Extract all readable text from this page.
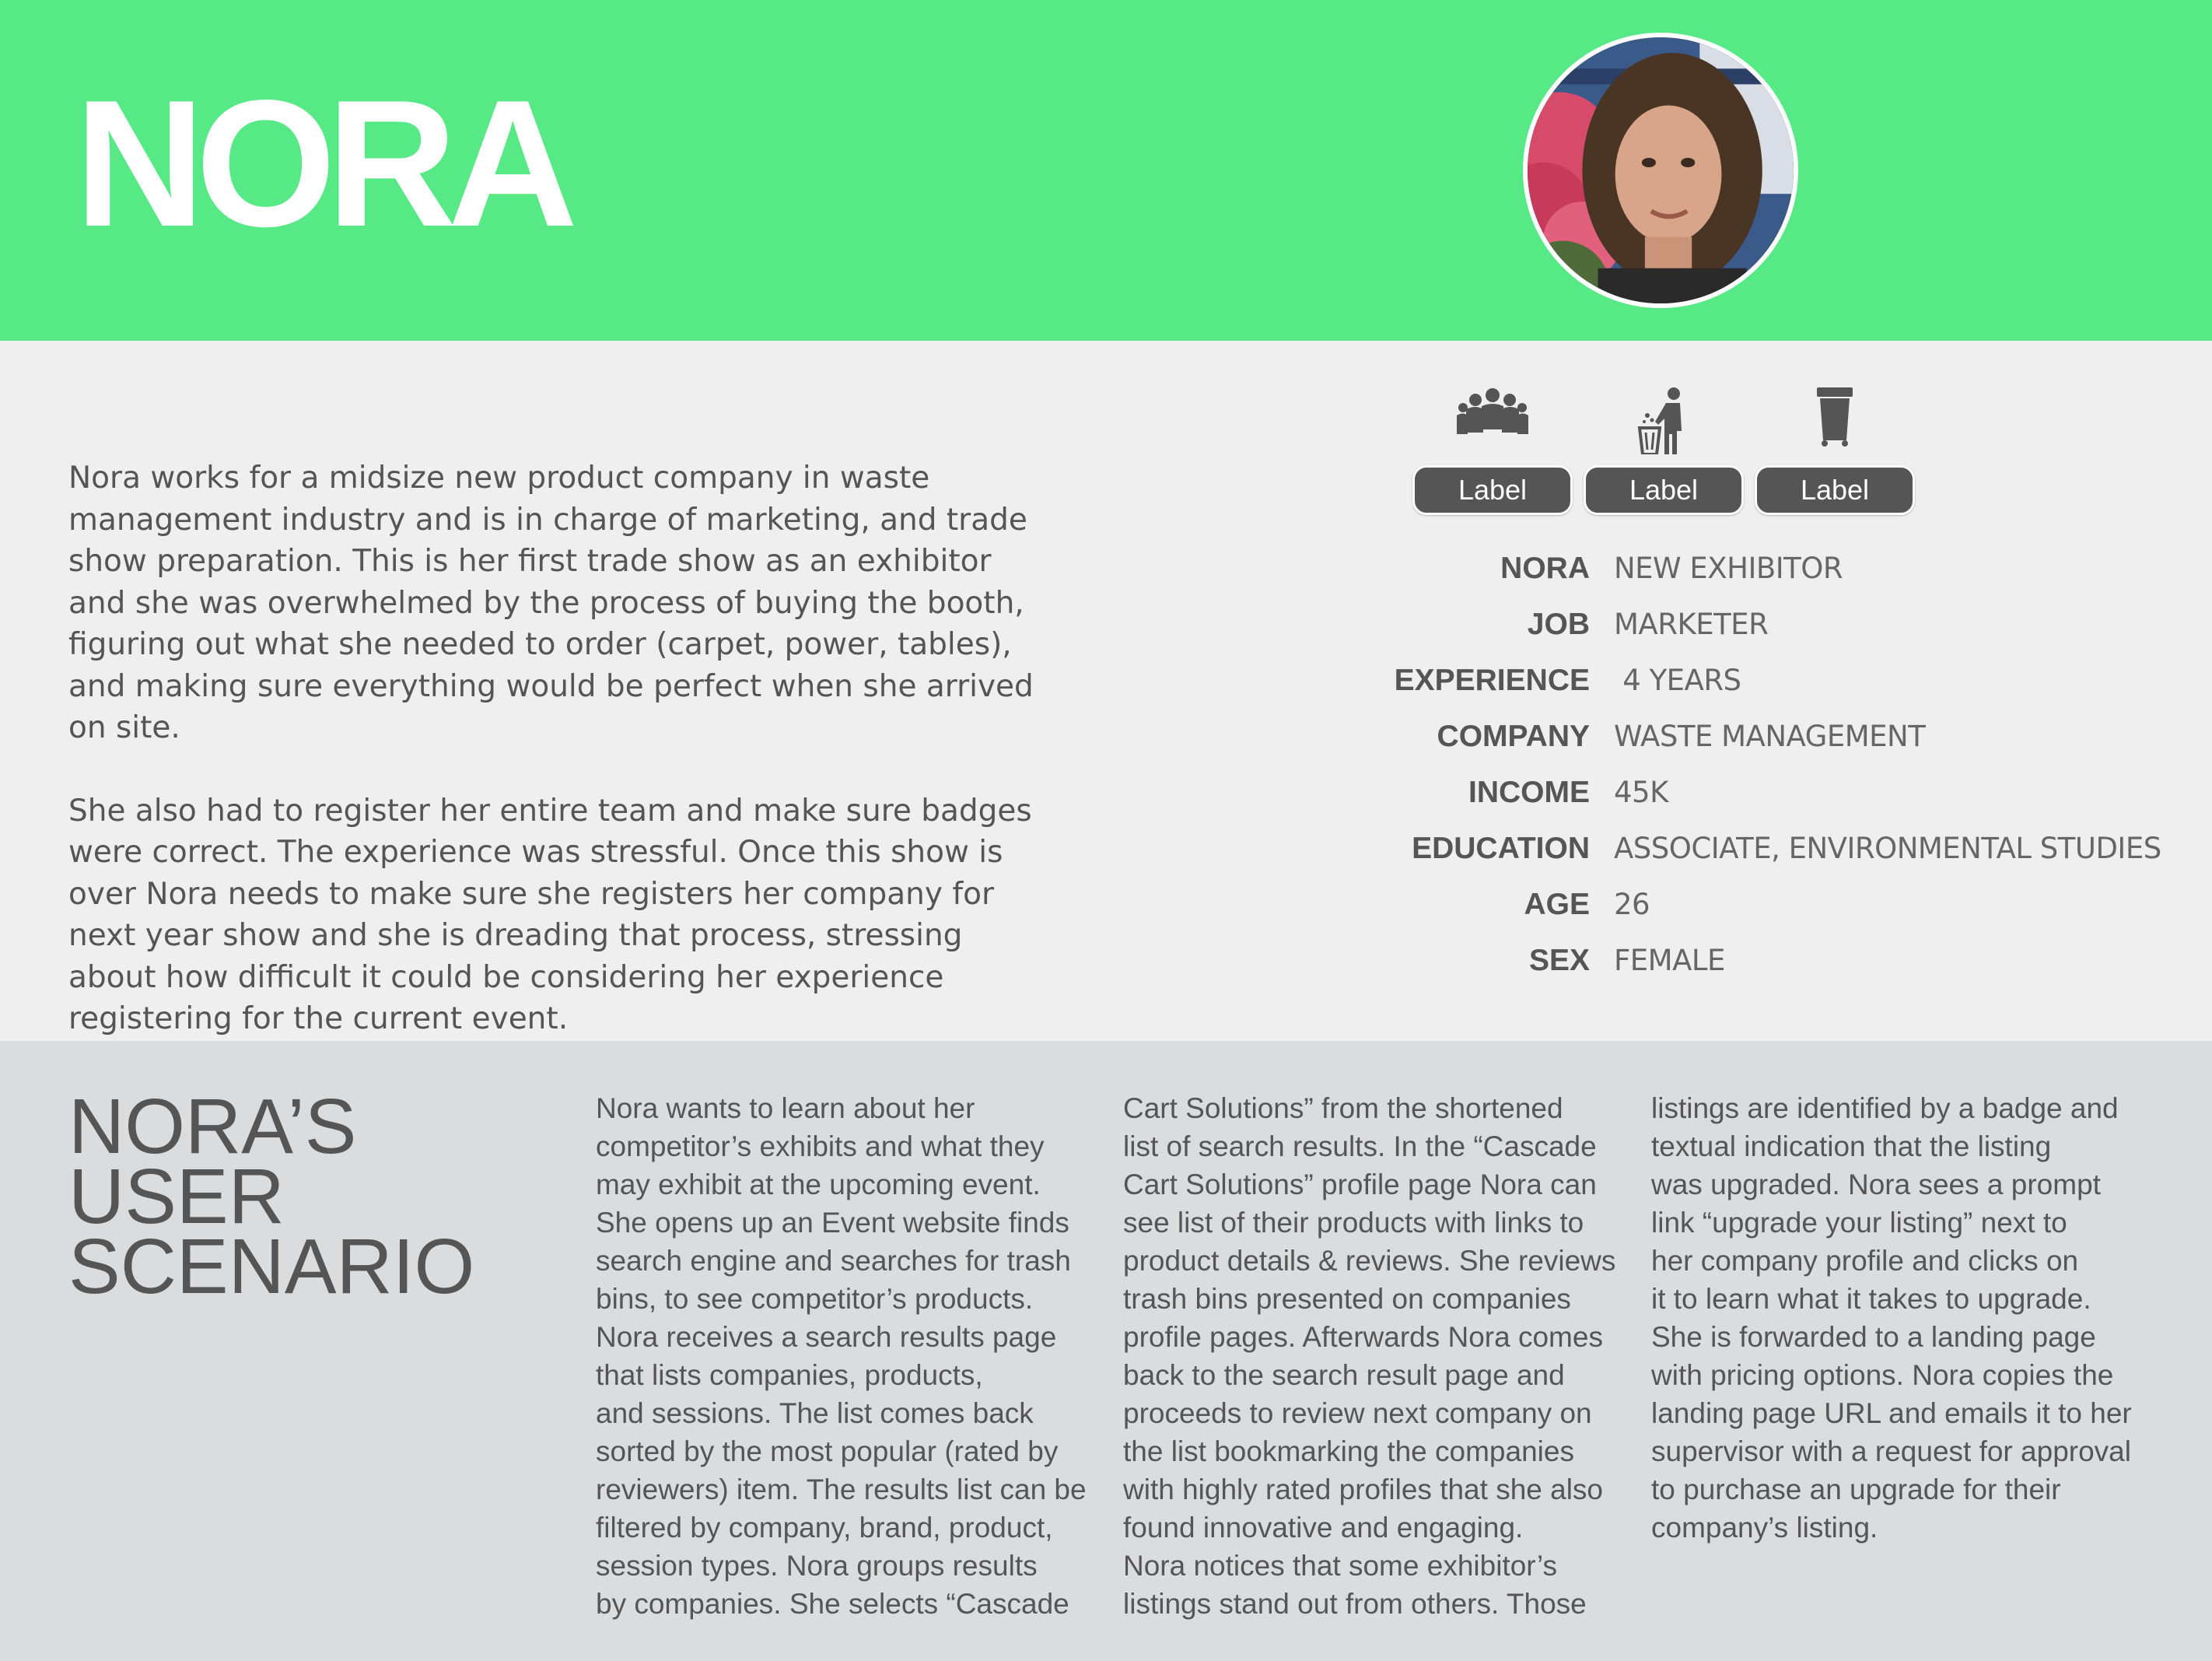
NORA

Nora works for a midsize new product company in waste management industry and is in charge of marketing, and trade show preparation. This is her first trade show as an exhibitor and she was overwhelmed by the process of buying the booth, figuring out what she needed to order (carpet, power, tables), and making sure everything would be perfect when she arrived on site.

She also had to register her entire team and make sure badges were correct. The experience was stressful. Once this show is over Nora needs to make sure she registers her company for next year show and she is dreading that process, stressing about how difficult it could be considering her experience registering for the current event.

Label	Label	Label
NORA NEW EXHIBITOR
JOB MARKETER
EXPERIENCE 4 YEARS
COMPANY WASTE MANAGEMENT
INCOME 45K
EDUCATION ASSOCIATE, ENVIRONMENTAL STUDIES
AGE 26
SEX FEMALE
NORA’S
USER
SCENARIO
Nora wants to learn about her
competitor’s exhibits and what they
may exhibit at the upcoming event.
She opens up an Event website finds
search engine and searches for trash
bins, to see competitor’s products.
Nora receives a search results page
that lists companies, products,
and sessions. The list comes back
sorted by the most popular (rated by
reviewers) item. The results list can be
filtered by company, brand, product,
session types. Nora groups results
by companies. She selects “Cascade
Cart Solutions” from the shortened
list of search results. In the “Cascade
Cart Solutions” profile page Nora can
see list of their products with links to
product details & reviews. She reviews
trash bins presented on companies
profile pages. Afterwards Nora comes
back to the search result page and
proceeds to review next company on
the list bookmarking the companies
with highly rated profiles that she also
found innovative and engaging.
Nora notices that some exhibitor’s
listings stand out from others. Those
listings are identified by a badge and
textual indication that the listing
was upgraded. Nora sees a prompt
link “upgrade your listing” next to
her company profile and clicks on
it to learn what it takes to upgrade.
She is forwarded to a landing page
with pricing options. Nora copies the
landing page URL and emails it to her
supervisor with a request for approval
to purchase an upgrade for their
company’s listing.
